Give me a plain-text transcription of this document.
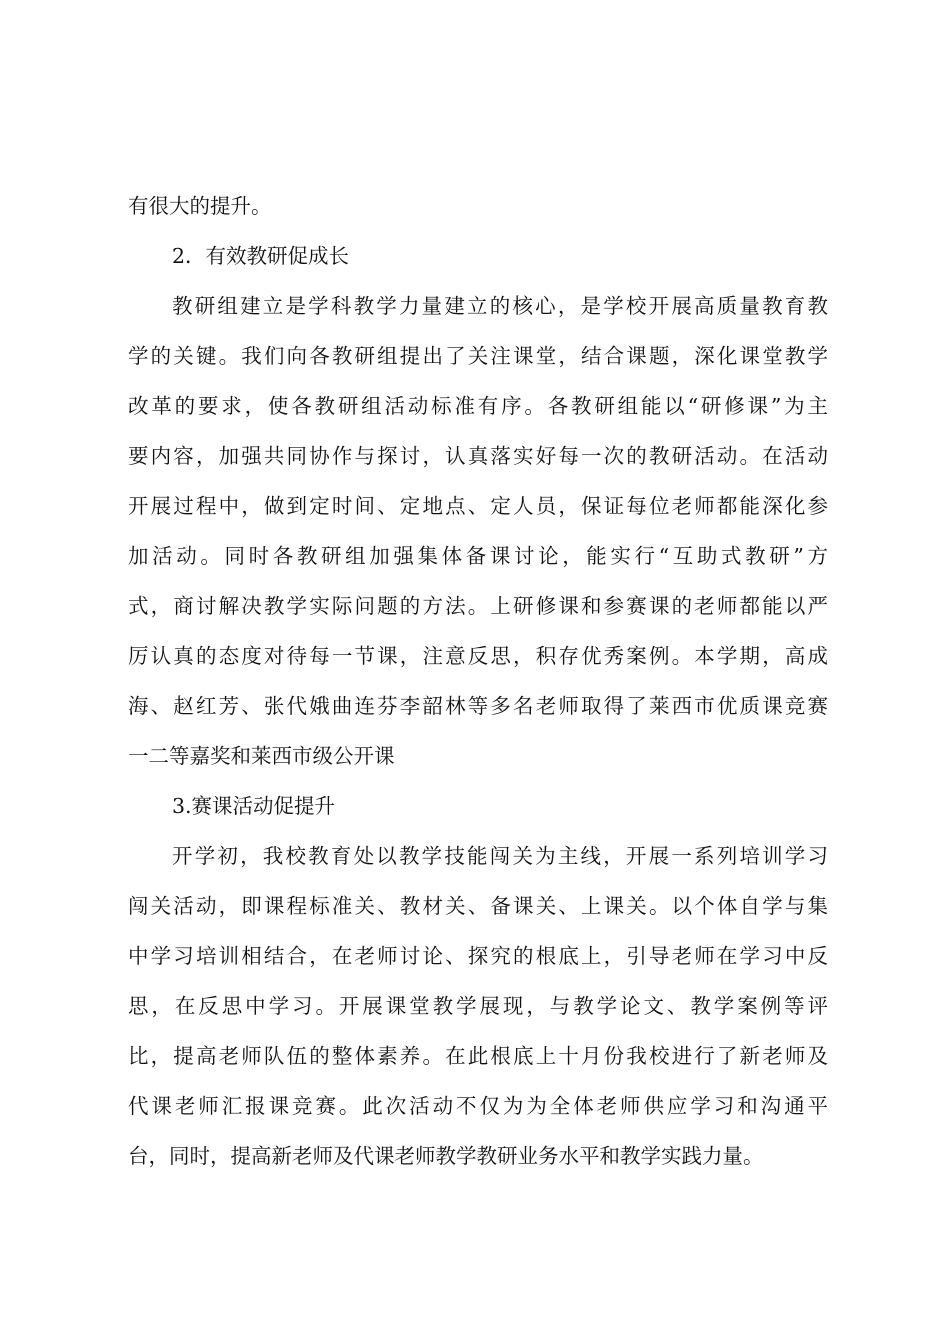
有很大的提升。
2．有效教研促成长
教研组建立是学科教学力量建立的核心，是学校开展高质量教育教
学的关键。我们向各教研组提出了关注课堂，结合课题，深化课堂教学
改革的要求，使各教研组活动标准有序。各教研组能以“研修课”为主
要内容，加强共同协作与探讨，认真落实好每一次的教研活动。在活动
开展过程中，做到定时间、定地点、定人员，保证每位老师都能深化参
加活动。同时各教研组加强集体备课讨论，能实行“互助式教研”方
式，商讨解决教学实际问题的方法。上研修课和参赛课的老师都能以严
厉认真的态度对待每一节课，注意反思，积存优秀案例。本学期，高成
海、赵红芳、张代娥曲连芬李韶林等多名老师取得了莱西市优质课竞赛
一二等嘉奖和莱西市级公开课
3.赛课活动促提升
开学初，我校教育处以教学技能闯关为主线，开展一系列培训学习
闯关活动，即课程标准关、教材关、备课关、上课关。以个体自学与集
中学习培训相结合，在老师讨论、探究的根底上，引导老师在学习中反
思，在反思中学习。开展课堂教学展现，与教学论文、教学案例等评
比，提高老师队伍的整体素养。在此根底上十月份我校进行了新老师及
代课老师汇报课竞赛。此次活动不仅为为全体老师供应学习和沟通平
台，同时，提高新老师及代课老师教学教研业务水平和教学实践力量。
